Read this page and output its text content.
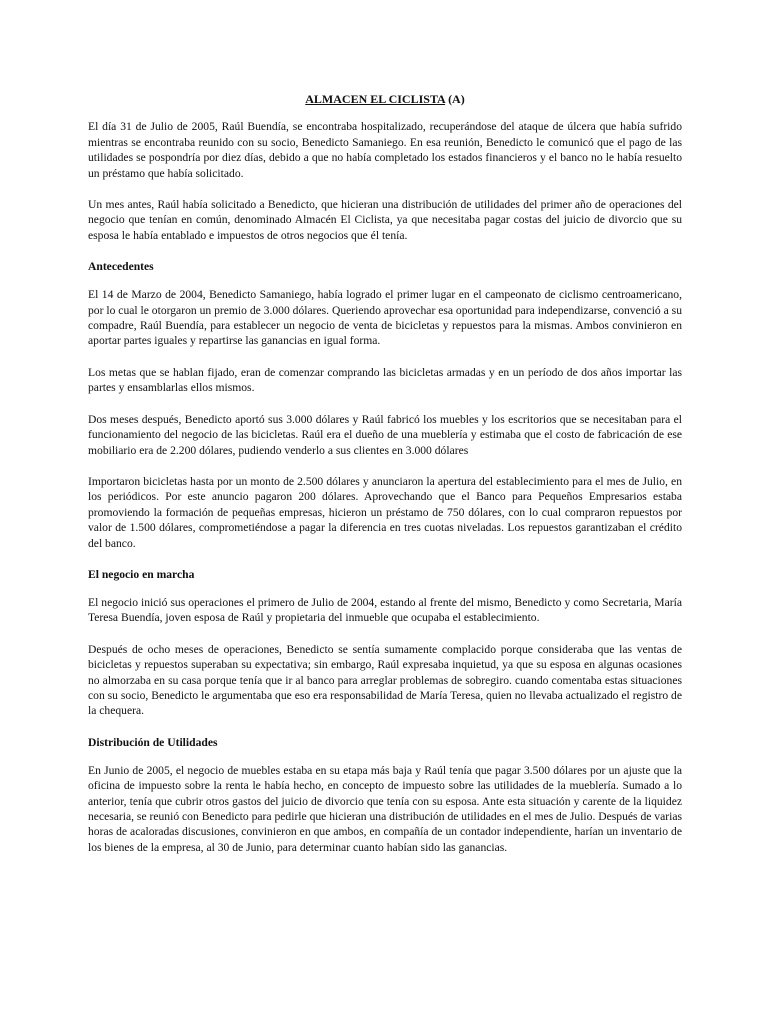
ALMACEN EL CICLISTA (A)

El día 31 de Julio de 2005, Raúl Buendía, se encontraba hospitalizado, recuperándose del ataque de úlcera que había sufrido mientras se encontraba reunido con su socio, Benedicto Samaniego. En esa reunión, Benedicto le comunicó que el pago de las utilidades se pospondría por diez días, debido a que no había completado los estados financieros y el banco no le había resuelto un préstamo que había solicitado.

Un mes antes, Raúl había solicitado a Benedicto, que hicieran una distribución de utilidades del primer año de operaciones del negocio que tenían en común, denominado Almacén El Ciclista, ya que necesitaba pagar costas del juicio de divorcio que su esposa le había entablado e impuestos de otros negocios que él tenía.

Antecedentes

El 14 de Marzo de 2004, Benedicto Samaniego, había logrado el primer lugar en el campeonato de ciclismo centroamericano, por lo cual le otorgaron un premio de 3.000 dólares. Queriendo aprovechar esa oportunidad para independizarse, convenció a su compadre, Raúl Buendía, para establecer un negocio de venta de bicicletas y repuestos para la mismas. Ambos convinieron en aportar partes iguales y repartirse las ganancias en igual forma.

Los metas que se hablan fijado, eran de comenzar comprando las bicicletas armadas y en un período de dos años importar las partes y ensamblarlas ellos mismos.

Dos meses después, Benedicto aportó sus 3.000 dólares y Raúl fabricó los muebles y los escritorios que se necesitaban para el funcionamiento del negocio de las bicicletas. Raúl era el dueño de una mueblería y estimaba que el costo de fabricación de ese mobiliario era de 2.200 dólares, pudiendo venderlo a sus clientes en 3.000 dólares

Importaron bicicletas hasta por un monto de 2.500 dólares y anunciaron la apertura del establecimiento para el mes de Julio, en los periódicos. Por este anuncio pagaron 200 dólares. Aprovechando que el Banco para Pequeños Empresarios estaba promoviendo la formación de pequeñas empresas, hicieron un préstamo de 750 dólares, con lo cual compraron repuestos por valor de 1.500 dólares, comprometiéndose a pagar la diferencia en tres cuotas niveladas. Los repuestos garantizaban el crédito del banco.

El negocio en marcha

El negocio inició sus operaciones el primero de Julio de 2004, estando al frente del mismo, Benedicto y como Secretaria, María Teresa Buendía, joven esposa de Raúl y propietaria del inmueble que ocupaba el establecimiento.

Después de ocho meses de operaciones, Benedicto se sentía sumamente complacido porque consideraba que las ventas de bicicletas y repuestos superaban su expectativa; sin embargo, Raúl expresaba inquietud, ya que su esposa en algunas ocasiones no almorzaba en su casa porque tenía que ir al banco para arreglar problemas de sobregiro. cuando comentaba estas situaciones con su socio, Benedicto le argumentaba que eso era responsabilidad de María Teresa, quien no llevaba actualizado el registro de la chequera.

Distribución de Utilidades

En Junio de 2005, el negocio de muebles estaba en su etapa más baja y Raúl tenía que pagar 3.500 dólares por un ajuste que la oficina de impuesto sobre la renta le había hecho, en concepto de impuesto sobre las utilidades de la mueblería. Sumado a lo anterior, tenía que cubrir otros gastos del juicio de divorcio que tenía con su esposa. Ante esta situación y carente de la liquidez necesaria, se reunió con Benedicto para pedirle que hicieran una distribución de utilidades en el mes de Julio. Después de varias horas de acaloradas discusiones, convinieron en que ambos, en compañía de un contador independiente, harían un inventario de los bienes de la empresa, al 30 de Junio, para determinar cuanto habían sido las ganancias.
